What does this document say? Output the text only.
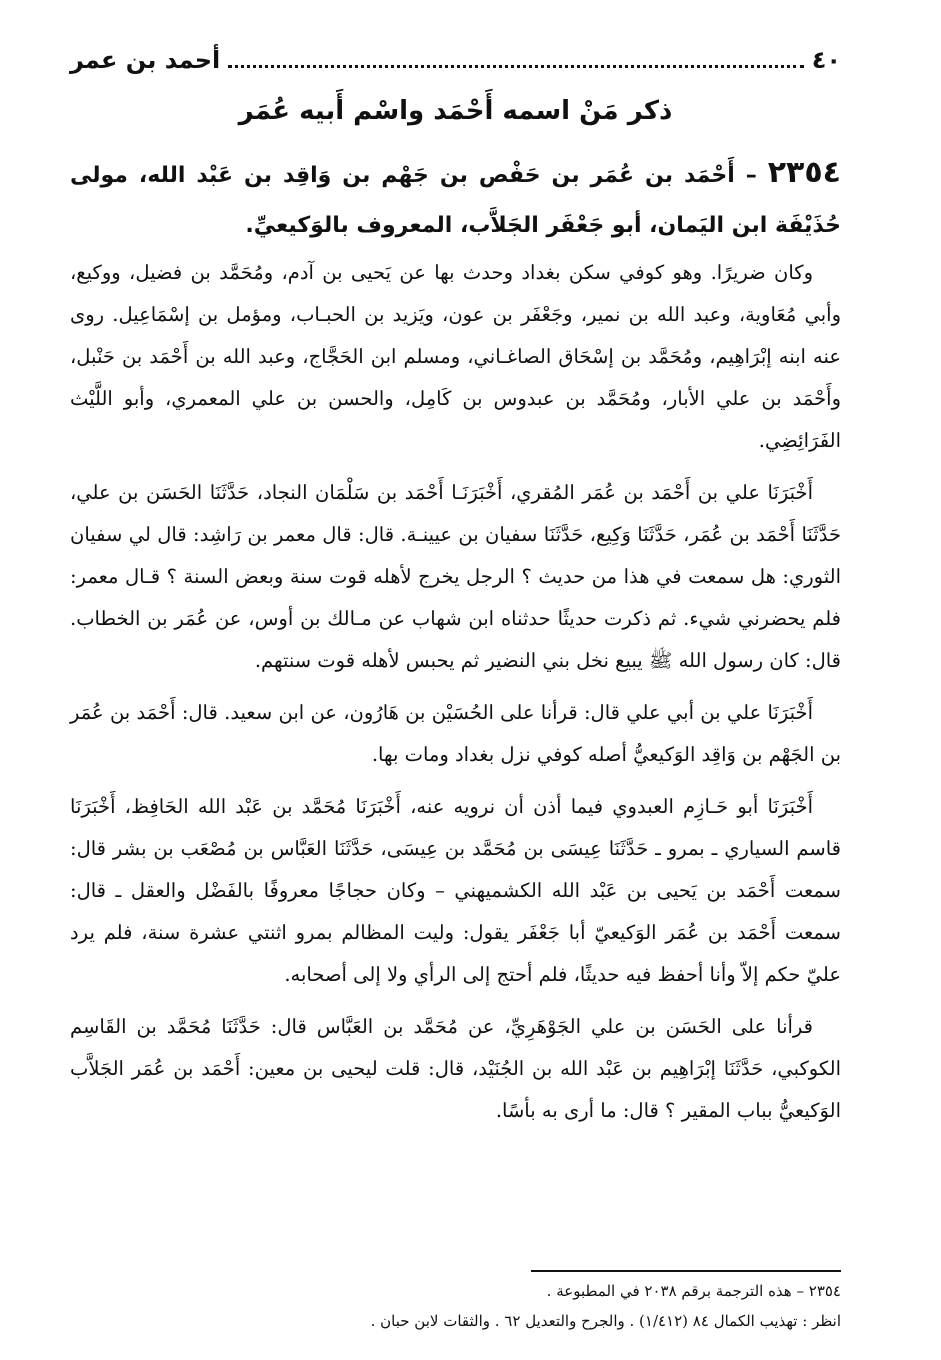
٤٠
أحمد بن عمر
ذكر مَنْ اسمه أَحْمَد واسْم أَبيه عُمَر
٢٣٥٤ – أَحْمَد بن عُمَر بن حَفْص بن جَهْم بن وَاقِد بن عَبْد الله، مولى حُذَيْفَة ابن اليَمان، أبو جَعْفَر الجَلاَّب، المعروف بالوَكيعيِّ.

وكان ضريرًا. وهو كوفي سكن بغداد وحدث بها عن يَحيى بن آدم، ومُحَمَّد بن فضيل، ووكيع، وأبي مُعَاوية، وعبد الله بن نمير، وجَعْفَر بن عون، ويَزيد بن الحبـاب، ومؤمل بن إسْمَاعِيل. روى عنه ابنه إبْرَاهِيم، ومُحَمَّد بن إسْحَاق الصاغـاني، ومسلم ابن الحَجَّاج، وعبد الله بن أَحْمَد بن حَنْبل، وأَحْمَد بن علي الأبار، ومُحَمَّد بن عبدوس بن كَامِل، والحسن بن علي المعمري، وأبو اللَّيْث الفَرَائِضِي.

أَخْبَرَنَا علي بن أَحْمَد بن عُمَر المُقري، أَخْبَرَنَـا أَحْمَد بن سَلْمَان النجاد، حَدَّثَنَا الحَسَن بن علي، حَدَّثَنَا أَحْمَد بن عُمَر، حَدَّثَنَا وَكِيع، حَدَّثَنَا سفيان بن عيينـة. قال: قال معمر بن رَاشِد: قال لي سفيان الثوري: هل سمعت في هذا من حديث ؟ الرجل يخرج لأهله قوت سنة وبعض السنة ؟ قـال معمر: فلم يحضرني شيء. ثم ذكرت حديثًا حدثناه ابن شهاب عن مـالك بن أوس، عن عُمَر بن الخطاب. قال: كان رسول الله ﷺ يبيع نخل بني النضير ثم يحبس لأهله قوت سنتهم.

أَخْبَرَنَا علي بن أبي علي قال: قرأنا على الحُسَيْن بن هَارُون، عن ابن سعيد. قال: أَحْمَد بن عُمَر بن الجَهْم بن وَاقِد الوَكيعيُّ أصله كوفي نزل بغداد ومات بها.

أَخْبَرَنَا أبو حَـازِم العبدوي فيما أذن أن نرويه عنه، أَخْبَرَنَا مُحَمَّد بن عَبْد الله الحَافِظ، أَخْبَرَنَا قاسم السياري ـ بمرو ـ حَدَّثَنَا عِيسَى بن مُحَمَّد بن عِيسَى، حَدَّثَنَا العَبَّاس بن مُصْعَب بن بشر قال: سمعت أَحْمَد بن يَحيى بن عَبْد الله الكشميهني – وكان حجاجًا معروفًا بالفَضْل والعقل ـ قال: سمعت أَحْمَد بن عُمَر الوَكيعيّ أبا جَعْفَر يقول: وليت المظالم بمرو اثنتي عشرة سنة، فلم يرد عليّ حكم إلاّ وأنا أحفظ فيه حديثًا، فلم أحتج إلى الرأي ولا إلى أصحابه.

قرأنا على الحَسَن بن علي الجَوْهَرِيِّ، عن مُحَمَّد بن العَبَّاس قال: حَدَّثَنَا مُحَمَّد بن القَاسِم الكوكبي، حَدَّثَنَا إبْرَاهِيم بن عَبْد الله بن الجُنَيْد، قال: قلت ليحيى بن معين: أَحْمَد بن عُمَر الجَلاَّب الوَكيعيُّ بباب المقير ؟ قال: ما أرى به بأسًا.

٢٣٥٤ – هذه الترجمة برقم ٢٠٣٨ في المطبوعة .
انظر : تهذيب الكمال ٨٤ (١/٤١٢) . والجرح والتعديل ٦٢ . والثقات لابن حبان .
